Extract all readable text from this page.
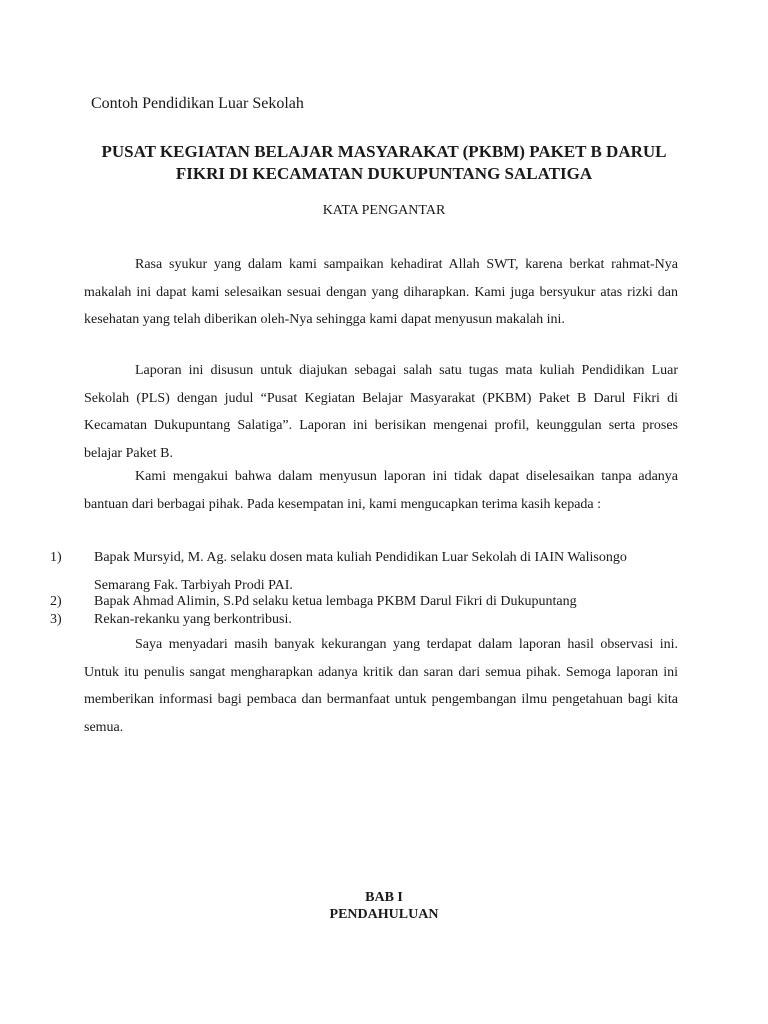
Contoh Pendidikan Luar Sekolah
PUSAT KEGIATAN BELAJAR MASYARAKAT (PKBM) PAKET B DARUL FIKRI DI KECAMATAN DUKUPUNTANG SALATIGA
KATA PENGANTAR

Rasa syukur yang dalam kami sampaikan kehadirat Allah SWT, karena berkat rahmat-Nya makalah ini dapat kami selesaikan sesuai dengan yang diharapkan. Kami juga bersyukur atas rizki dan kesehatan yang telah diberikan oleh-Nya sehingga kami dapat menyusun makalah ini.

Laporan ini disusun untuk diajukan sebagai salah satu tugas mata kuliah Pendidikan Luar Sekolah (PLS) dengan judul “Pusat Kegiatan Belajar Masyarakat (PKBM) Paket B Darul Fikri di Kecamatan Dukupuntang Salatiga”. Laporan ini berisikan mengenai profil, keunggulan serta proses belajar Paket B.

Kami mengakui bahwa dalam menyusun laporan ini tidak dapat diselesaikan tanpa adanya bantuan dari berbagai pihak. Pada kesempatan ini, kami mengucapkan terima kasih kepada :

1) Bapak Mursyid, M. Ag. selaku dosen mata kuliah Pendidikan Luar Sekolah di IAIN Walisongo Semarang Fak. Tarbiyah Prodi PAI.
2) Bapak Ahmad Alimin, S.Pd selaku ketua lembaga PKBM Darul Fikri di Dukupuntang
3) Rekan-rekanku yang berkontribusi.

Saya menyadari masih banyak kekurangan yang terdapat dalam laporan hasil observasi ini. Untuk itu penulis sangat mengharapkan adanya kritik dan saran dari semua pihak. Semoga laporan ini memberikan informasi bagi pembaca dan bermanfaat untuk pengembangan ilmu pengetahuan bagi kita semua.

BAB I
PENDAHULUAN
